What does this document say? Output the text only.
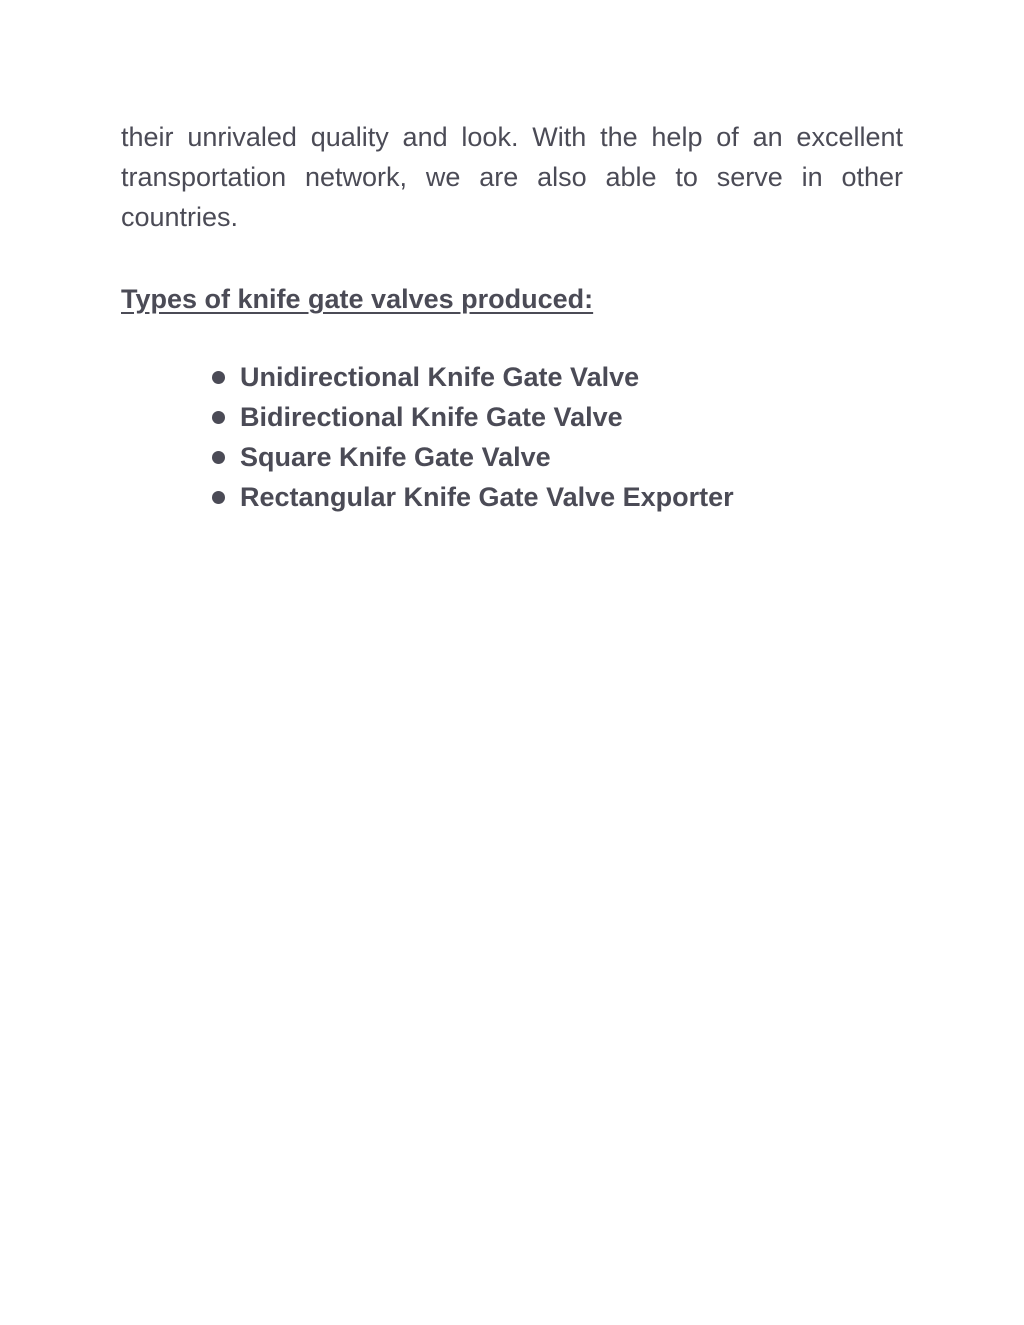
their unrivaled quality and look. With the help of an excellent transportation network, we are also able to serve in other countries.

Types of knife gate valves produced:
Unidirectional Knife Gate Valve
Bidirectional Knife Gate Valve
Square Knife Gate Valve
Rectangular Knife Gate Valve Exporter
